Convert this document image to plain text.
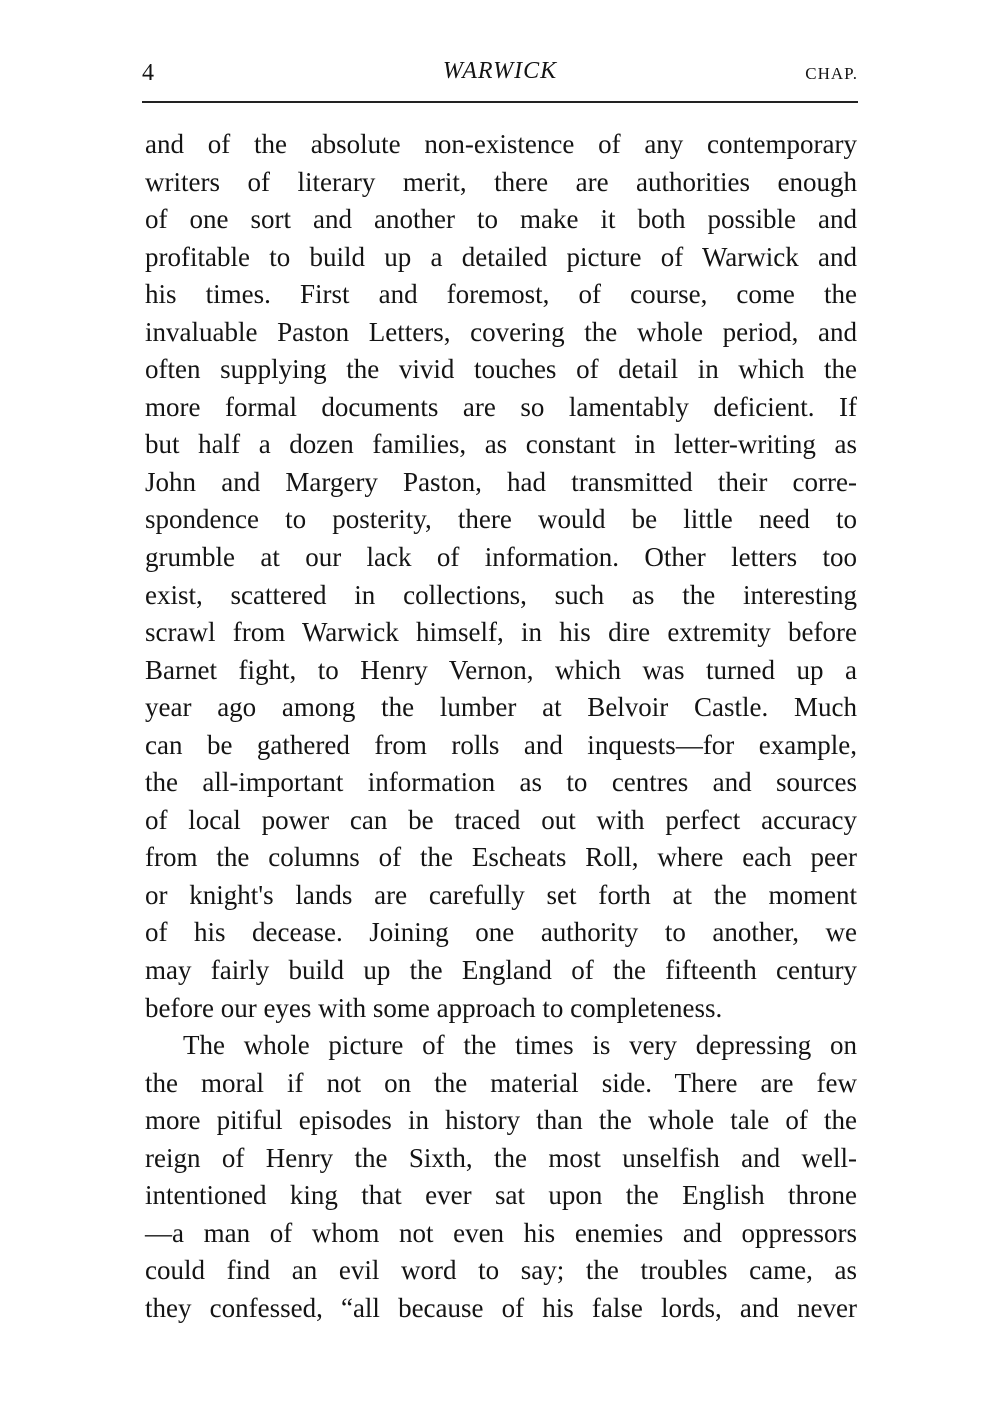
4	WARWICK	CHAP.
and of the absolute non-existence of any contemporary
writers of literary merit, there are authorities enough
of one sort and another to make it both possible and
profitable to build up a detailed picture of Warwick and
his times. First and foremost, of course, come the
invaluable Paston Letters, covering the whole period, and
often supplying the vivid touches of detail in which the
more formal documents are so lamentably deficient. If
but half a dozen families, as constant in letter-writing as
John and Margery Paston, had transmitted their corre-
spondence to posterity, there would be little need to
grumble at our lack of information. Other letters too
exist, scattered in collections, such as the interesting
scrawl from Warwick himself, in his dire extremity before
Barnet fight, to Henry Vernon, which was turned up a
year ago among the lumber at Belvoir Castle. Much
can be gathered from rolls and inquests—for example,
the all-important information as to centres and sources
of local power can be traced out with perfect accuracy
from the columns of the Escheats Roll, where each peer
or knight's lands are carefully set forth at the moment
of his decease. Joining one authority to another, we
may fairly build up the England of the fifteenth century
before our eyes with some approach to completeness.
The whole picture of the times is very depressing on
the moral if not on the material side. There are few
more pitiful episodes in history than the whole tale of the
reign of Henry the Sixth, the most unselfish and well-
intentioned king that ever sat upon the English throne
—a man of whom not even his enemies and oppressors
could find an evil word to say; the troubles came, as
they confessed, “all because of his false lords, and never
